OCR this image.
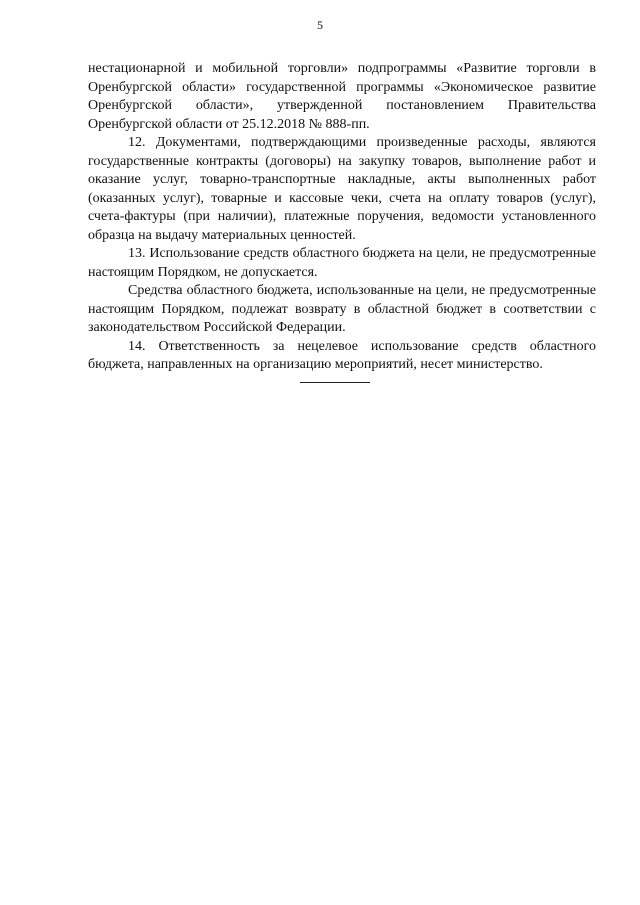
5

нестационарной и мобильной торговли» подпрограммы «Развитие торговли в Оренбургской области» государственной программы «Экономическое развитие Оренбургской области», утвержденной постановлением Правительства Оренбургской области от 25.12.2018 № 888-пп.

12. Документами, подтверждающими произведенные расходы, являются государственные контракты (договоры) на закупку товаров, выполнение работ и оказание услуг, товарно-транспортные накладные, акты выполненных работ (оказанных услуг), товарные и кассовые чеки, счета на оплату товаров (услуг), счета-фактуры (при наличии), платежные поручения, ведомости установленного образца на выдачу материальных ценностей.

13. Использование средств областного бюджета на цели, не предусмотренные настоящим Порядком, не допускается.

Средства областного бюджета, использованные на цели, не предусмотренные настоящим Порядком, подлежат возврату в областной бюджет в соответствии с законодательством Российской Федерации.

14. Ответственность за нецелевое использование средств областного бюджета, направленных на организацию мероприятий, несет министерство.
